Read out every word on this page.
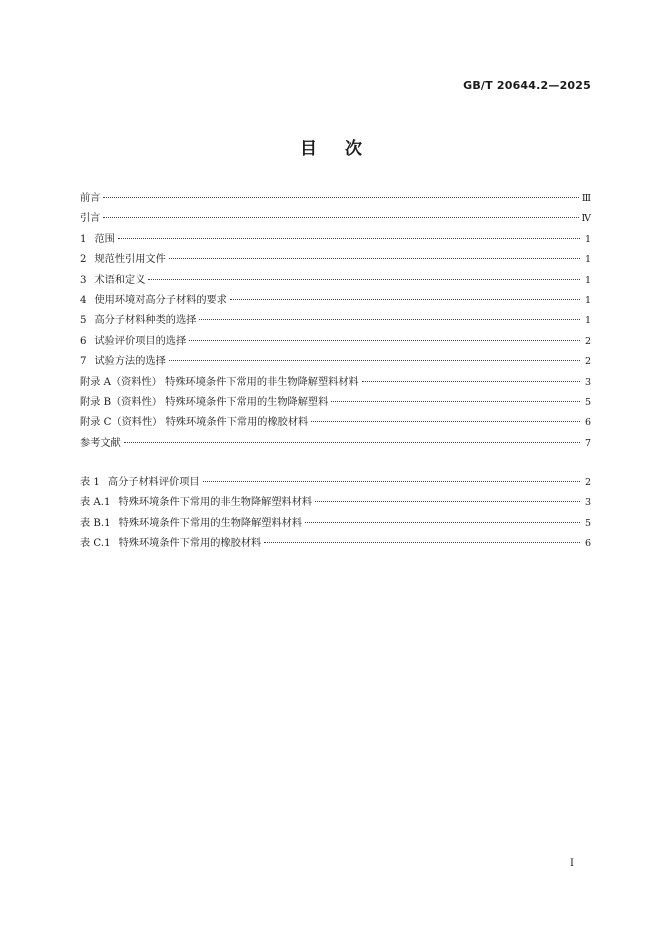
GB/T 20644.2—2025
目次
前言	Ⅲ
引言	Ⅳ
1 范围	1
2 规范性引用文件	1
3 术语和定义	1
4 使用环境对高分子材料的要求	1
5 高分子材料种类的选择	1
6 试验评价项目的选择	2
7 试验方法的选择	2
附录 A（资料性） 特殊环境条件下常用的非生物降解塑料材料	3
附录 B（资料性） 特殊环境条件下常用的生物降解塑料	5
附录 C（资料性） 特殊环境条件下常用的橡胶材料	6
参考文献	7
表 1 高分子材料评价项目	2
表 A.1 特殊环境条件下常用的非生物降解塑料材料	3
表 B.1 特殊环境条件下常用的生物降解塑料材料	5
表 C.1 特殊环境条件下常用的橡胶材料	6
I
